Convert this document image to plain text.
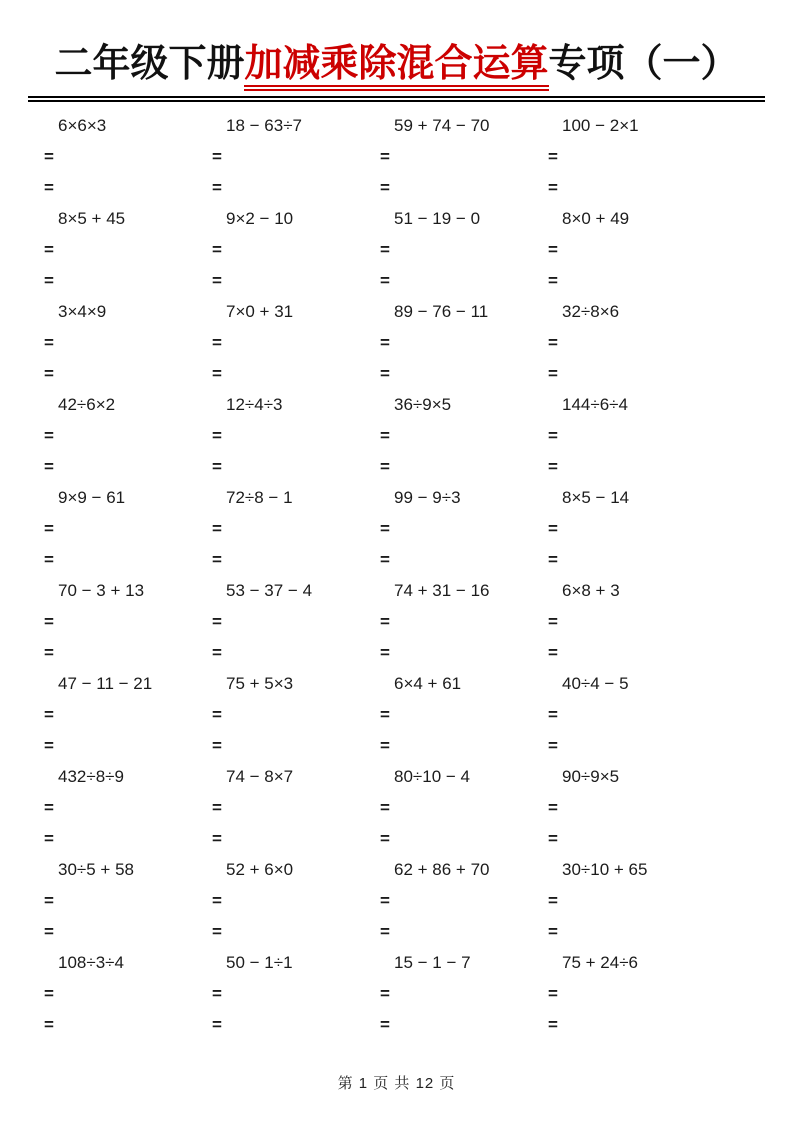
二年级下册加减乘除混合运算专项（一）
6×6×3
=
=
18 − 63÷7
=
=
59 + 74 − 70
=
=
100 − 2×1
=
=
8×5 + 45
=
=
9×2 − 10
=
=
51 − 19 − 0
=
=
8×0 + 49
=
=
3×4×9
=
=
7×0 + 31
=
=
89 − 76 − 11
=
=
32÷8×6
=
=
42÷6×2
=
=
12÷4÷3
=
=
36÷9×5
=
=
144÷6÷4
=
=
9×9 − 61
=
=
72÷8 − 1
=
=
99 − 9÷3
=
=
8×5 − 14
=
=
70 − 3 + 13
=
=
53 − 37 − 4
=
=
74 + 31 − 16
=
=
6×8 + 3
=
=
47 − 11 − 21
=
=
75 + 5×3
=
=
6×4 + 61
=
=
40÷4 − 5
=
=
432÷8÷9
=
=
74 − 8×7
=
=
80÷10 − 4
=
=
90÷9×5
=
=
30÷5 + 58
=
=
52 + 6×0
=
=
62 + 86 + 70
=
=
30÷10 + 65
=
=
108÷3÷4
=
=
50 − 1÷1
=
=
15 − 1 − 7
=
=
75 + 24÷6
=
=
第 1 页 共 12 页
